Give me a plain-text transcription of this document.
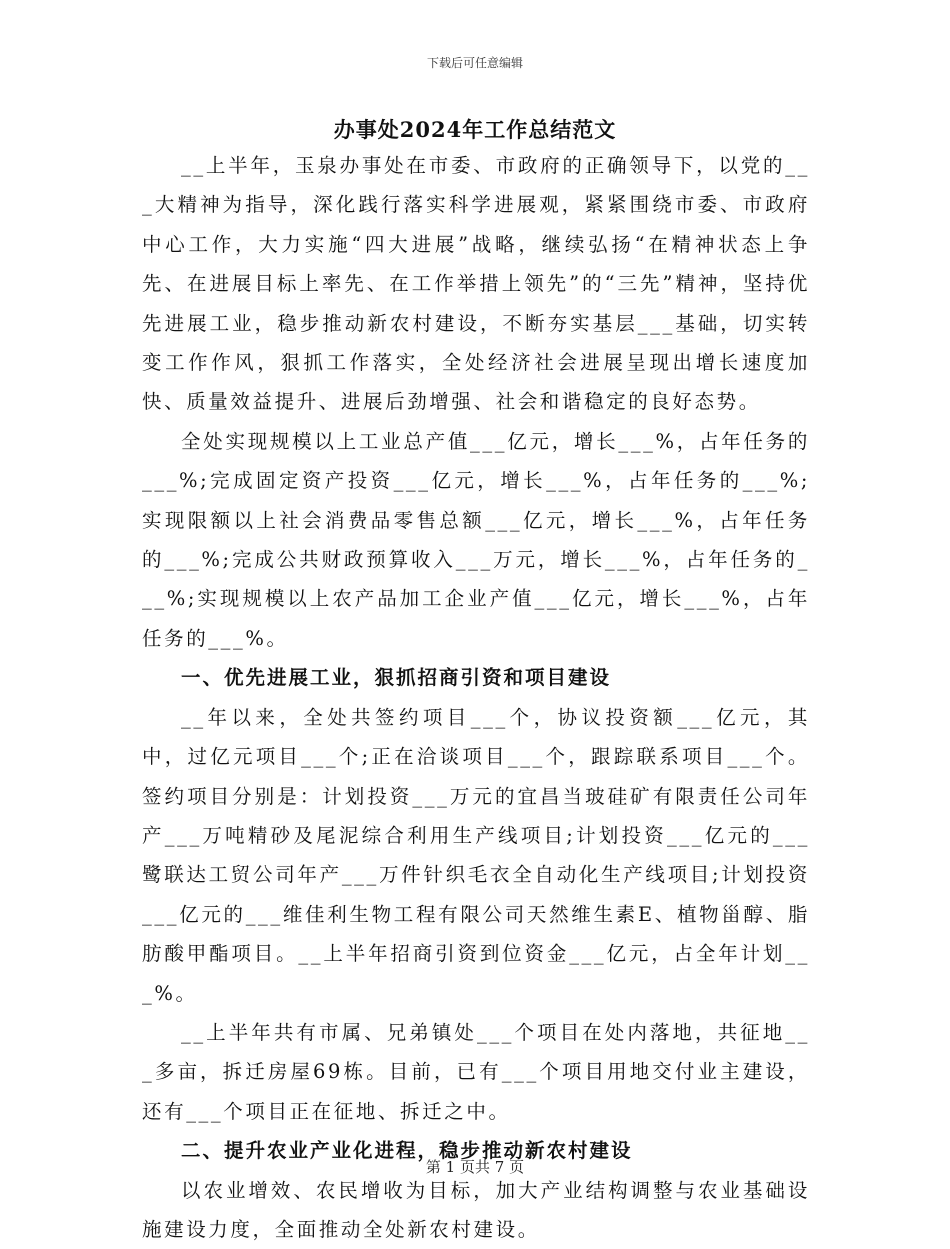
下载后可任意编辑
办事处2024年工作总结范文

__上半年，玉泉办事处在市委、市政府的正确领导下，以党的___大精神为指导，深化践行落实科学进展观，紧紧围绕市委、市政府中心工作，大力实施“四大进展”战略，继续弘扬“在精神状态上争先、在进展目标上率先、在工作举措上领先”的“三先”精神，坚持优先进展工业，稳步推动新农村建设，不断夯实基层___基础，切实转变工作作风，狠抓工作落实，全处经济社会进展呈现出增长速度加快、质量效益提升、进展后劲增强、社会和谐稳定的良好态势。

全处实现规模以上工业总产值___亿元，增长___%，占年任务的___%;完成固定资产投资___亿元，增长___%，占年任务的___%;实现限额以上社会消费品零售总额___亿元，增长___%，占年任务的___%;完成公共财政预算收入___万元，增长___%，占年任务的___%;实现规模以上农产品加工企业产值___亿元，增长___%，占年任务的___%。

一、优先进展工业，狠抓招商引资和项目建设

__年以来，全处共签约项目___个，协议投资额___亿元，其中，过亿元项目___个;正在洽谈项目___个，跟踪联系项目___个。签约项目分别是：计划投资___万元的宜昌当玻硅矿有限责任公司年产___万吨精砂及尾泥综合利用生产线项目;计划投资___亿元的___鹭联达工贸公司年产___万件针织毛衣全自动化生产线项目;计划投资___亿元的___维佳利生物工程有限公司天然维生素E、植物甾醇、脂肪酸甲酯项目。__上半年招商引资到位资金___亿元，占全年计划___%。

__上半年共有市属、兄弟镇处___个项目在处内落地，共征地___多亩，拆迁房屋69栋。目前，已有___个项目用地交付业主建设，还有___个项目正在征地、拆迁之中。

二、提升农业产业化进程，稳步推动新农村建设

以农业增效、农民增收为目标，加大产业结构调整与农业基础设施建设力度，全面推动全处新农村建设。

第 1 页共 7 页
